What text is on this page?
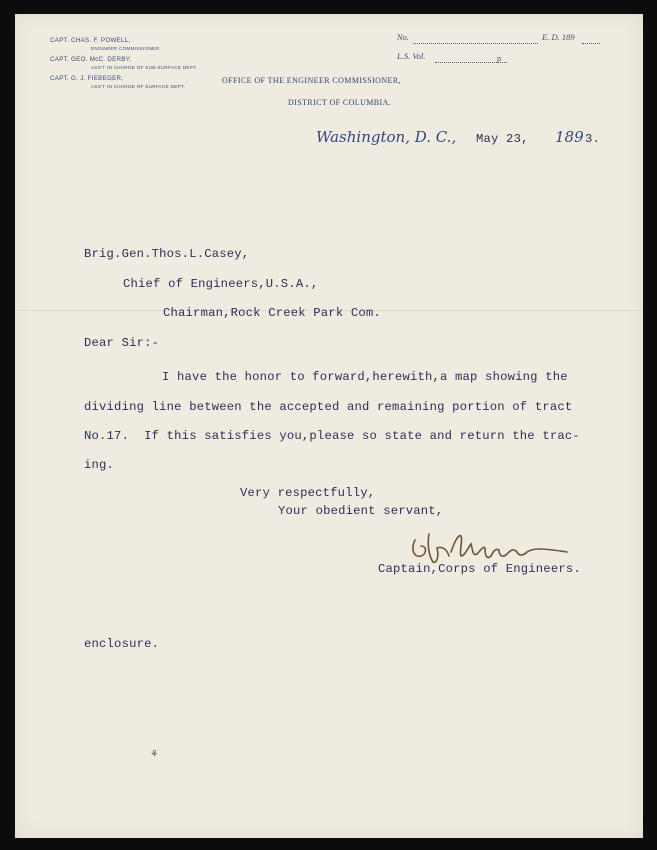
CAPT. CHAS. F. POWELL,
ENGINEER COMMISSIONER.
CAPT. GEO. McC. DERBY,
ASS'T IN CHARGE OF SUB-SURFACE DEPT.
CAPT. G. J. FIEBEGER,
ASS'T IN CHARGE OF SURFACE DEPT.
No.	E. D. 189
L.S. Vol.	p
OFFICE OF THE ENGINEER COMMISSIONER,
DISTRICT OF COLUMBIA.
Washington, D. C., May 23, 189 3.
Brig.Gen.Thos.L.Casey,
Chief of Engineers,U.S.A.,
Chairman,Rock Creek Park Com.
Dear Sir:-
I have the honor to forward,herewith,a map showing the
dividing line between the accepted and remaining portion of tract
No.17.  If this satisfies you,please so state and return the trac-
ing.
Very respectfully,
Your obedient servant,
Captain,Corps of Engineers.
enclosure.
⚘
